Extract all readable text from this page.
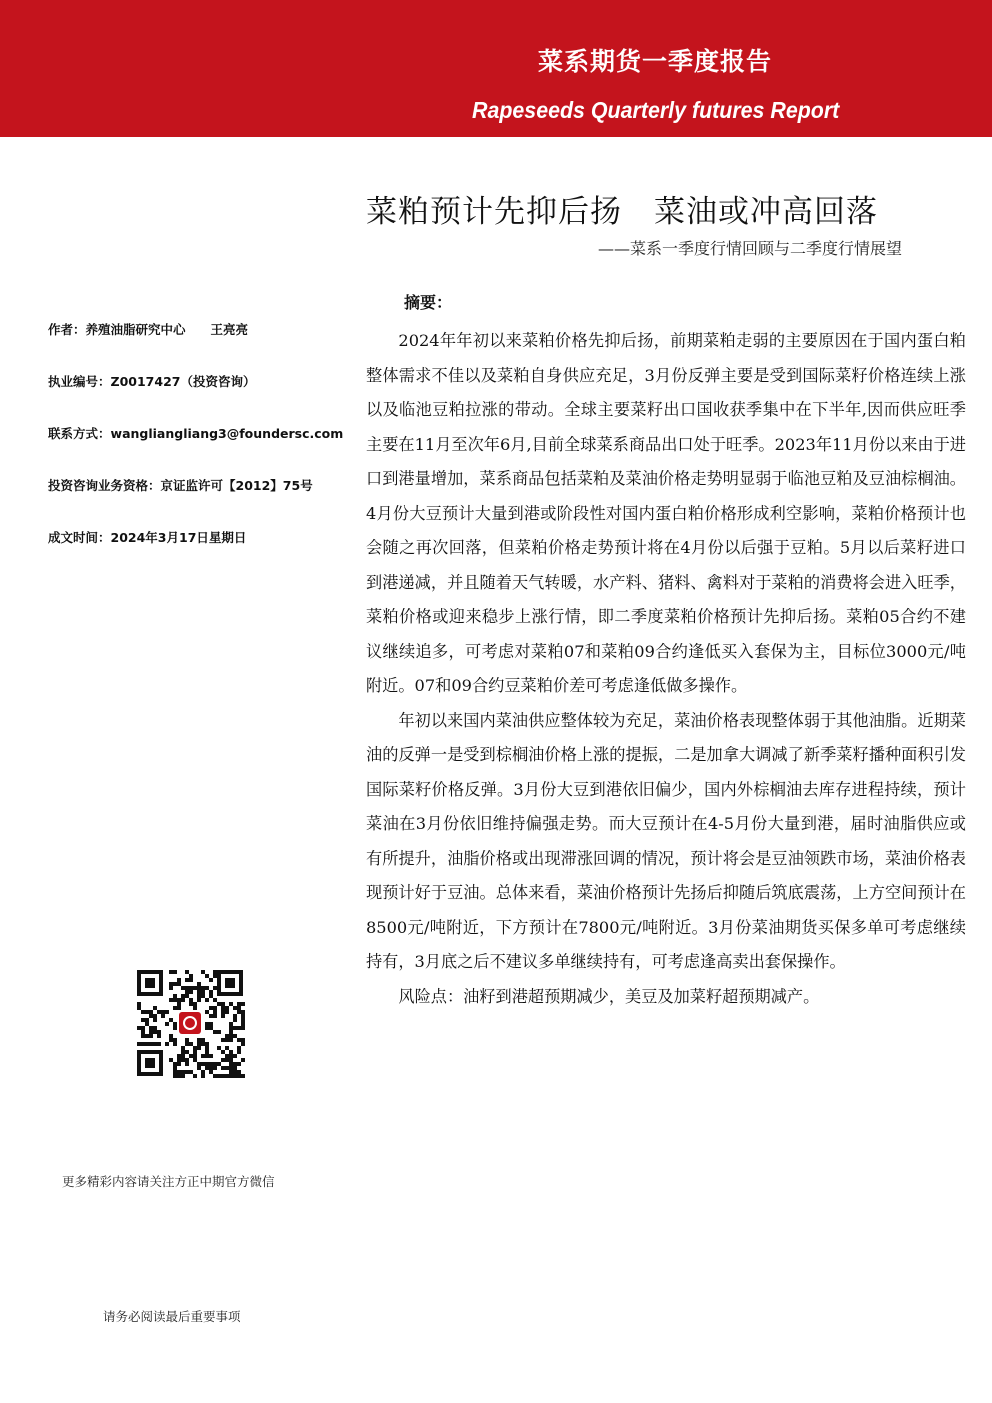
菜系期货一季度报告
Rapeseeds Quarterly futures Report
菜粕预计先抑后扬　菜油或冲高回落
——菜系一季度行情回顾与二季度行情展望
作者：养殖油脂研究中心　　王亮亮
执业编号：Z0017427（投资咨询）
联系方式：wangliangliang3@foundersc.com
投资咨询业务资格：京证监许可【2012】75号
成文时间：2024年3月17日星期日
更多精彩内容请关注方正中期官方微信
请务必阅读最后重要事项
摘要：

2024年年初以来菜粕价格先抑后扬，前期菜粕走弱的主要原因在于国内蛋白粕整体需求不佳以及菜粕自身供应充足，3月份反弹主要是受到国际菜籽价格连续上涨以及临池豆粕拉涨的带动。全球主要菜籽出口国收获季集中在下半年,因而供应旺季主要在11月至次年6月,目前全球菜系商品出口处于旺季。2023年11月份以来由于进口到港量增加，菜系商品包括菜粕及菜油价格走势明显弱于临池豆粕及豆油棕榈油。4月份大豆预计大量到港或阶段性对国内蛋白粕价格形成利空影响，菜粕价格预计也会随之再次回落，但菜粕价格走势预计将在4月份以后强于豆粕。5月以后菜籽进口到港递减，并且随着天气转暖，水产料、猪料、禽料对于菜粕的消费将会进入旺季，菜粕价格或迎来稳步上涨行情，即二季度菜粕价格预计先抑后扬。菜粕05合约不建议继续追多，可考虑对菜粕07和菜粕09合约逢低买入套保为主，目标位3000元/吨附近。07和09合约豆菜粕价差可考虑逢低做多操作。

年初以来国内菜油供应整体较为充足，菜油价格表现整体弱于其他油脂。近期菜油的反弹一是受到棕榈油价格上涨的提振，二是加拿大调减了新季菜籽播种面积引发国际菜籽价格反弹。3月份大豆到港依旧偏少，国内外棕榈油去库存进程持续，预计菜油在3月份依旧维持偏强走势。而大豆预计在4-5月份大量到港，届时油脂供应或有所提升，油脂价格或出现滞涨回调的情况，预计将会是豆油领跌市场，菜油价格表现预计好于豆油。总体来看，菜油价格预计先扬后抑随后筑底震荡，上方空间预计在8500元/吨附近，下方预计在7800元/吨附近。3月份菜油期货买保多单可考虑继续持有，3月底之后不建议多单继续持有，可考虑逢高卖出套保操作。

风险点：油籽到港超预期减少，美豆及加菜籽超预期减产。
